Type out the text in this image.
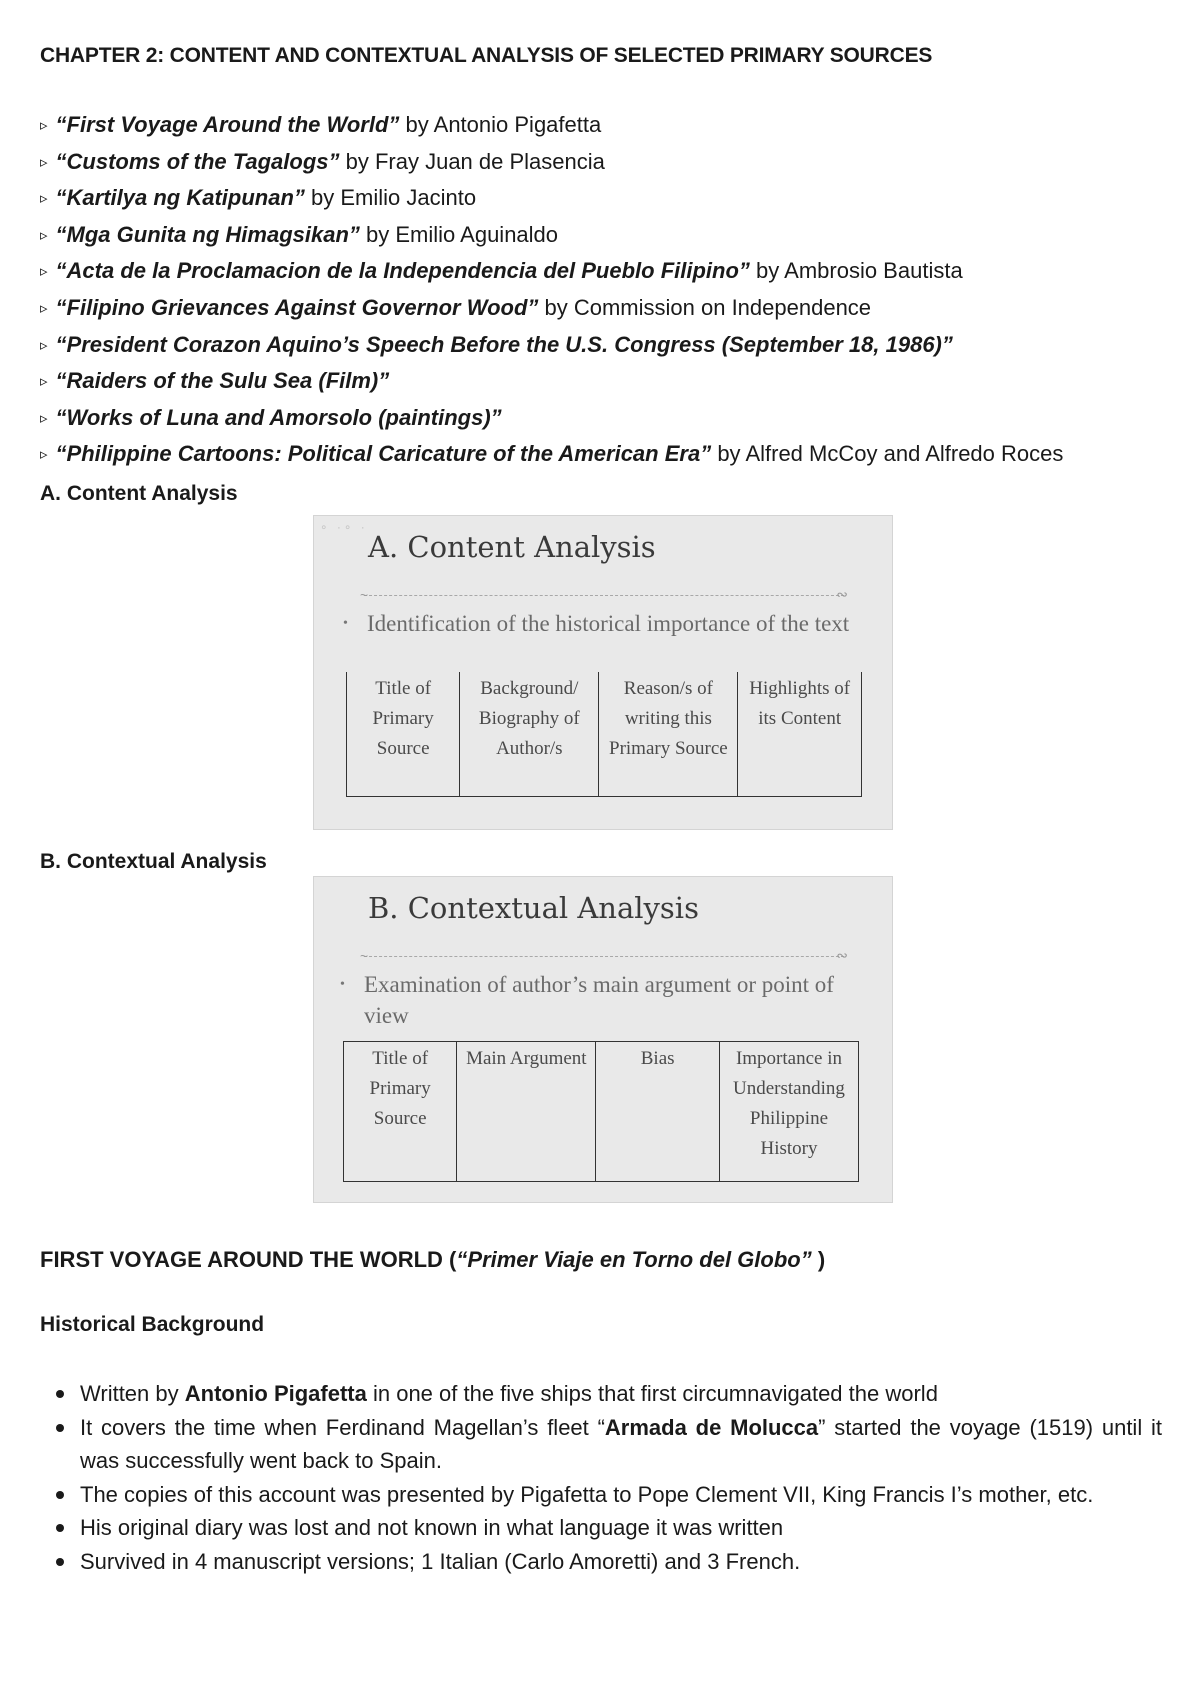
CHAPTER 2: CONTENT AND CONTEXTUAL ANALYSIS OF SELECTED PRIMARY SOURCES
▹ “First Voyage Around the World” by Antonio Pigafetta
▹ “Customs of the Tagalogs” by Fray Juan de Plasencia
▹ “Kartilya ng Katipunan” by Emilio Jacinto
▹ “Mga Gunita ng Himagsikan” by Emilio Aguinaldo
▹ “Acta de la Proclamacion de la Independencia del Pueblo Filipino” by Ambrosio Bautista
▹ “Filipino Grievances Against Governor Wood” by Commission on Independence
▹ “President Corazon Aquino’s Speech Before the U.S. Congress (September 18, 1986)”
▹ “Raiders of the Sulu Sea (Film)”
▹ “Works of Luna and Amorsolo (paintings)”
▹ “Philippine Cartoons: Political Caricature of the American Era” by Alfred McCoy and Alfredo Roces
A. Content Analysis
∘ ·∘ ·
A. Content Analysis
~	∾
• Identification of the historical importance of the text
Title of Primary Source	Background/ Biography of Author/s	Reason/s of writing this Primary Source	Highlights of its Content
B. Contextual Analysis
B. Contextual Analysis
~	∾
• Examination of author’s main argument or point of view
Title of Primary Source	Main Argument	Bias	Importance in Understanding Philippine History
FIRST VOYAGE AROUND THE WORLD (“Primer Viaje en Torno del Globo” )
Historical Background
Written by Antonio Pigafetta in one of the five ships that first circumnavigated the world
It covers the time when Ferdinand Magellan’s fleet “Armada de Molucca” started the voyage (1519) until it was successfully went back to Spain.
The copies of this account was presented by Pigafetta to Pope Clement VII, King Francis I’s mother, etc.
His original diary was lost and not known in what language it was written
Survived in 4 manuscript versions; 1 Italian (Carlo Amoretti) and 3 French.
